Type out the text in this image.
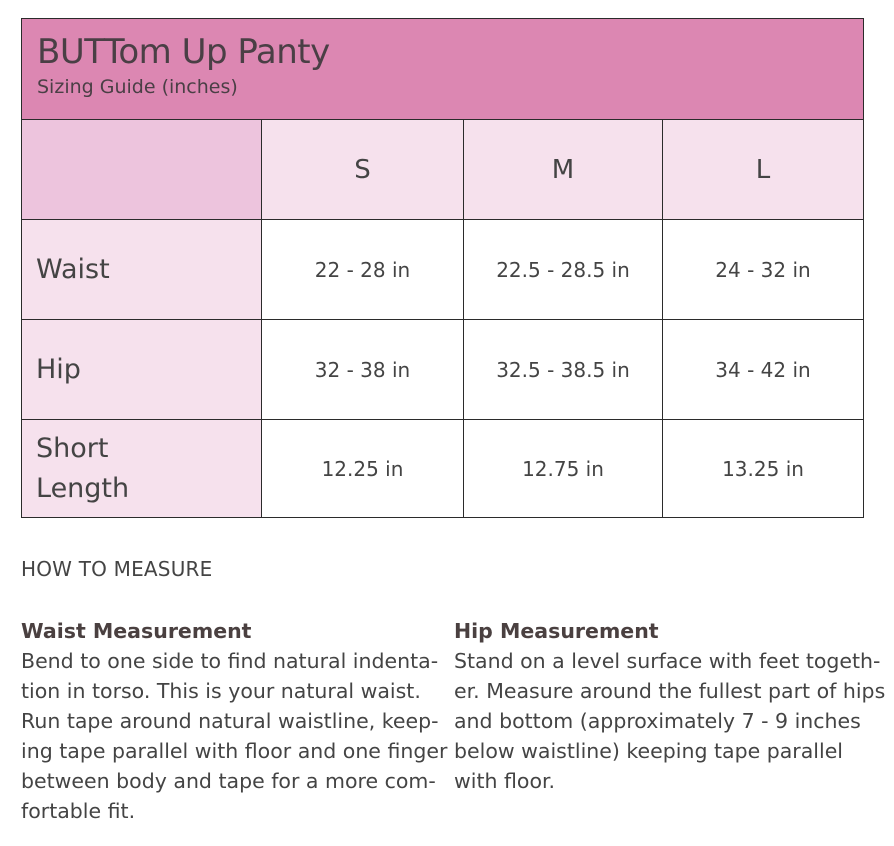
BUTTom Up Panty
Sizing Guide (inches)			

	S	M	L
Waist	22 - 28 in	22.5 - 28.5 in	24 - 32 in
Hip	32 - 38 in	32.5 - 38.5 in	34 - 42 in

Short
Length	12.25 in	12.75 in	13.25 in
HOW TO MEASURE
Waist Measurement
Bend to one side to find natural indenta-
tion in torso. This is your natural waist.
Run tape around natural waistline, keep-
ing tape parallel with floor and one finger
between body and tape for a more com-
fortable fit.
Hip Measurement
Stand on a level surface with feet togeth-
er. Measure around the fullest part of hips
and bottom (approximately 7 - 9 inches
below waistline) keeping tape parallel
with floor.
